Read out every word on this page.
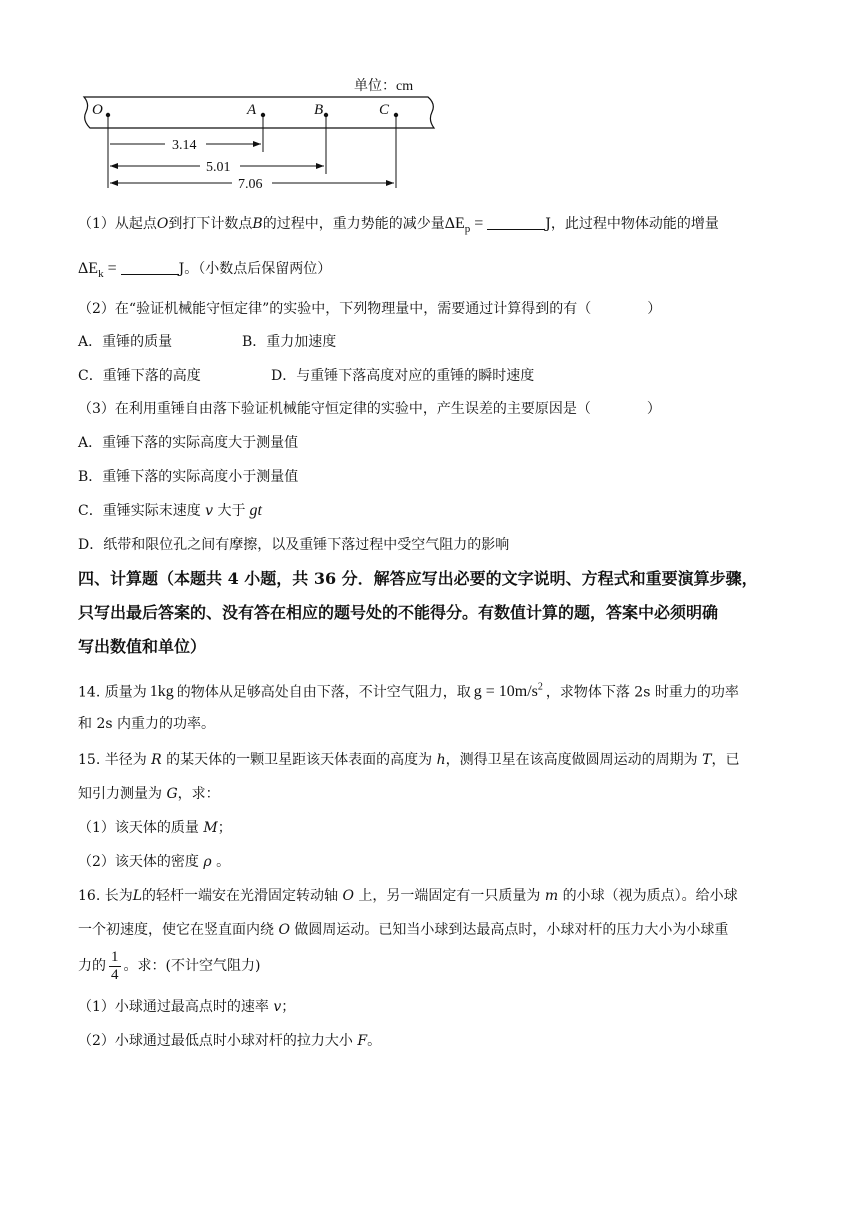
单位：cm
O	A	B	C
3.14
5.01
7.06
（1）从起点O到打下计数点B的过程中，重力势能的减少量$\Delta E_p$ =	J，此过程中物体动能的增量
$\Delta E_k$ =	J。（小数点后保留两位）
（2）在“验证机械能守恒定律”的实验中，下列物理量中，需要通过计算得到的有（　　　　）
A．重锤的质量	B．重力加速度
C．重锤下落的高度	D．与重锤下落高度对应的重锤的瞬时速度
（3）在利用重锤自由落下验证机械能守恒定律的实验中，产生误差的主要原因是（　　　　）
A．重锤下落的实际高度大于测量值
B．重锤下落的实际高度小于测量值
C．重锤实际末速度 v 大于 gt
D．纸带和限位孔之间有摩擦，以及重锤下落过程中受空气阻力的影响
四、计算题（本题共 4 小题，共 36 分．解答应写出必要的文字说明、方程式和重要演算步骤，
只写出最后答案的、没有答在相应的题号处的不能得分。有数值计算的题，答案中必须明确
写出数值和单位）
14. 质量为 1kg 的物体从足够高处自由下落，不计空气阻力，取 $g = 10m/s^2$ ，求物体下落 2s 时重力的功率
和 2s 内重力的功率。
15. 半径为 R 的某天体的一颗卫星距该天体表面的高度为 h，测得卫星在该高度做圆周运动的周期为 T，已
知引力测量为 G，求：
（1）该天体的质量 M；
（2）该天体的密度 ρ 。
16. 长为L的轻杆一端安在光滑固定转动轴 O 上，另一端固定有一只质量为 m 的小球（视为质点）。给小球
一个初速度，使它在竖直面内绕 O 做圆周运动。已知当小球到达最高点时，小球对杆的压力大小为小球重
力的 $\frac{1}{4}$ 。求：(不计空气阻力)
（1）小球通过最高点时的速率 v；
（2）小球通过最低点时小球对杆的拉力大小 F。
